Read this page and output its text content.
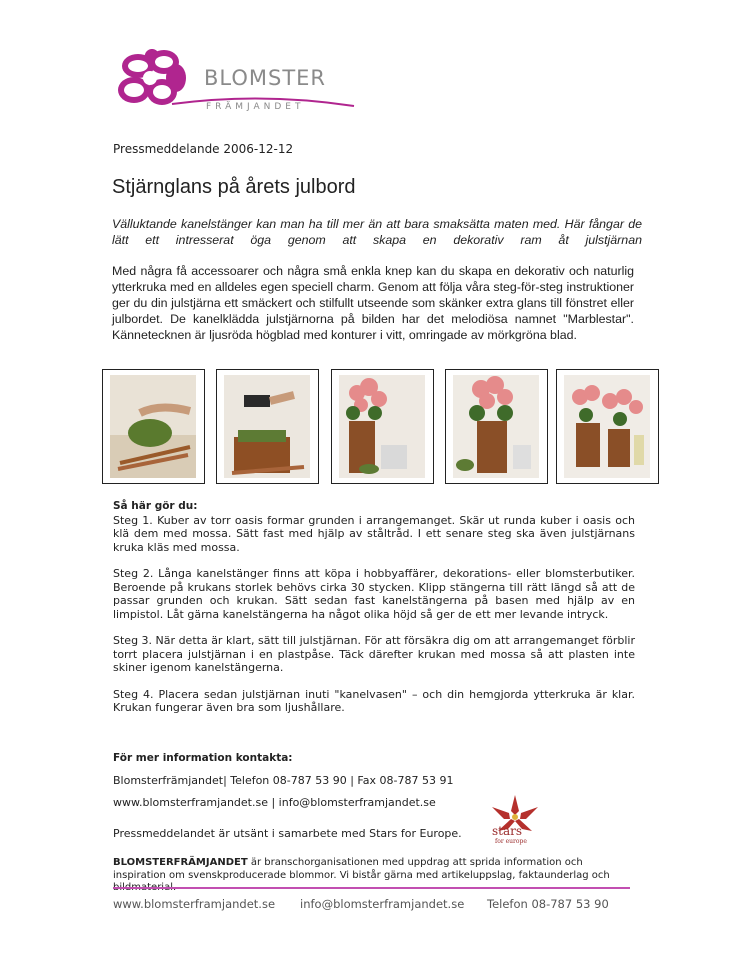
BLOMSTER
FRÄMJANDET
Pressmeddelande 2006-12-12
Stjärnglans på årets julbord
Välluktande kanelstänger kan man ha till mer än att bara smaksätta maten med. Här fångar de lätt ett intresserat öga genom att skapa en dekorativ ram åt julstjärnan
Med några få accessoarer och några små enkla knep kan du skapa en dekorativ och naturlig ytterkruka med en alldeles egen speciell charm. Genom att följa våra steg-för-steg instruktioner ger du din julstjärna ett smäckert och stilfullt utseende som skänker extra glans till fönstret eller julbordet. De kanelklädda julstjärnorna på bilden har det melodiösa namnet "Marblestar". Kännetecknen är ljusröda högblad med konturer i vitt, omringade av mörkgröna blad.
Så här gör du:

Steg 1. Kuber av torr oasis formar grunden i arrangemanget. Skär ut runda kuber i oasis och klä dem med mossa. Sätt fast med hjälp av ståltråd. I ett senare steg ska även julstjärnans kruka kläs med mossa.

Steg 2. Långa kanelstänger finns att köpa i hobbyaffärer, dekorations- eller blomsterbutiker. Beroende på krukans storlek behövs cirka 30 stycken. Klipp stängerna till rätt längd så att de passar grunden och krukan. Sätt sedan fast kanelstängerna på basen med hjälp av en limpistol. Låt gärna kanelstängerna ha något olika höjd så ger de ett mer levande intryck.

Steg 3. När detta är klart, sätt till julstjärnan. För att försäkra dig om att arrangemanget förblir torrt placera julstjärnan i en plastpåse. Täck därefter krukan med mossa så att plasten inte skiner igenom kanelstängerna.

Steg 4. Placera sedan julstjärnan inuti "kanelvasen" – och din hemgjorda ytterkruka är klar. Krukan fungerar även bra som ljushållare.

För mer information kontakta:
Blomsterfrämjandet| Telefon 08-787 53 90 | Fax 08-787 53 91
www.blomsterframjandet.se | info@blomsterframjandet.se
Pressmeddelandet är utsänt i samarbete med Stars for Europe.	stars
for europe
BLOMSTERFRÄMJANDET är branschorganisationen med uppdrag att sprida information och inspiration om svenskproducerade blommor. Vi bistår gärna med artikeluppslag, faktaunderlag och
www.blomsterframjandet.se info@blomsterframjandet.se Telefon 08-787 53 90
